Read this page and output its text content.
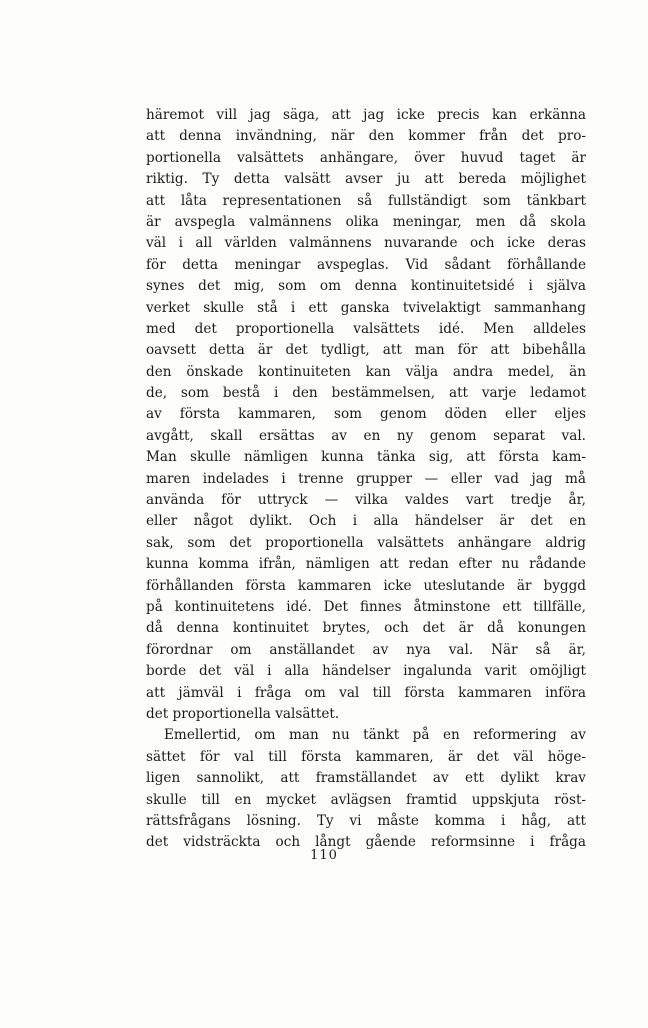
häremot vill jag säga, att jag icke precis kan erkänna
att denna invändning, när den kommer från det pro-
portionella valsättets anhängare, över huvud taget är
riktig. Ty detta valsätt avser ju att bereda möjlighet
att låta representationen så fullständigt som tänkbart
är avspegla valmännens olika meningar, men då skola
väl i all världen valmännens nuvarande och icke deras
för detta meningar avspeglas. Vid sådant förhållande
synes det mig, som om denna kontinuitetsidé i själva
verket skulle stå i ett ganska tvivelaktigt sammanhang
med det proportionella valsättets idé. Men alldeles
oavsett detta är det tydligt, att man för att bibehålla
den önskade kontinuiteten kan välja andra medel, än
de, som bestå i den bestämmelsen, att varje ledamot
av första kammaren, som genom döden eller eljes
avgått, skall ersättas av en ny genom separat val.
Man skulle nämligen kunna tänka sig, att första kam-
maren indelades i trenne grupper — eller vad jag må
använda för uttryck — vilka valdes vart tredje år,
eller något dylikt. Och i alla händelser är det en
sak, som det proportionella valsättets anhängare aldrig
kunna komma ifrån, nämligen att redan efter nu rådande
förhållanden första kammaren icke uteslutande är byggd
på kontinuitetens idé. Det finnes åtminstone ett tillfälle,
då denna kontinuitet brytes, och det är då konungen
förordnar om anställandet av nya val. När så är,
borde det väl i alla händelser ingalunda varit omöjligt
att jämväl i fråga om val till första kammaren införa
det proportionella valsättet.
Emellertid, om man nu tänkt på en reformering av
sättet för val till första kammaren, är det väl höge-
ligen sannolikt, att framställandet av ett dylikt krav
skulle till en mycket avlägsen framtid uppskjuta röst-
rättsfrågans lösning. Ty vi måste komma i håg, att
det vidsträckta och långt gående reformsinne i fråga
110
